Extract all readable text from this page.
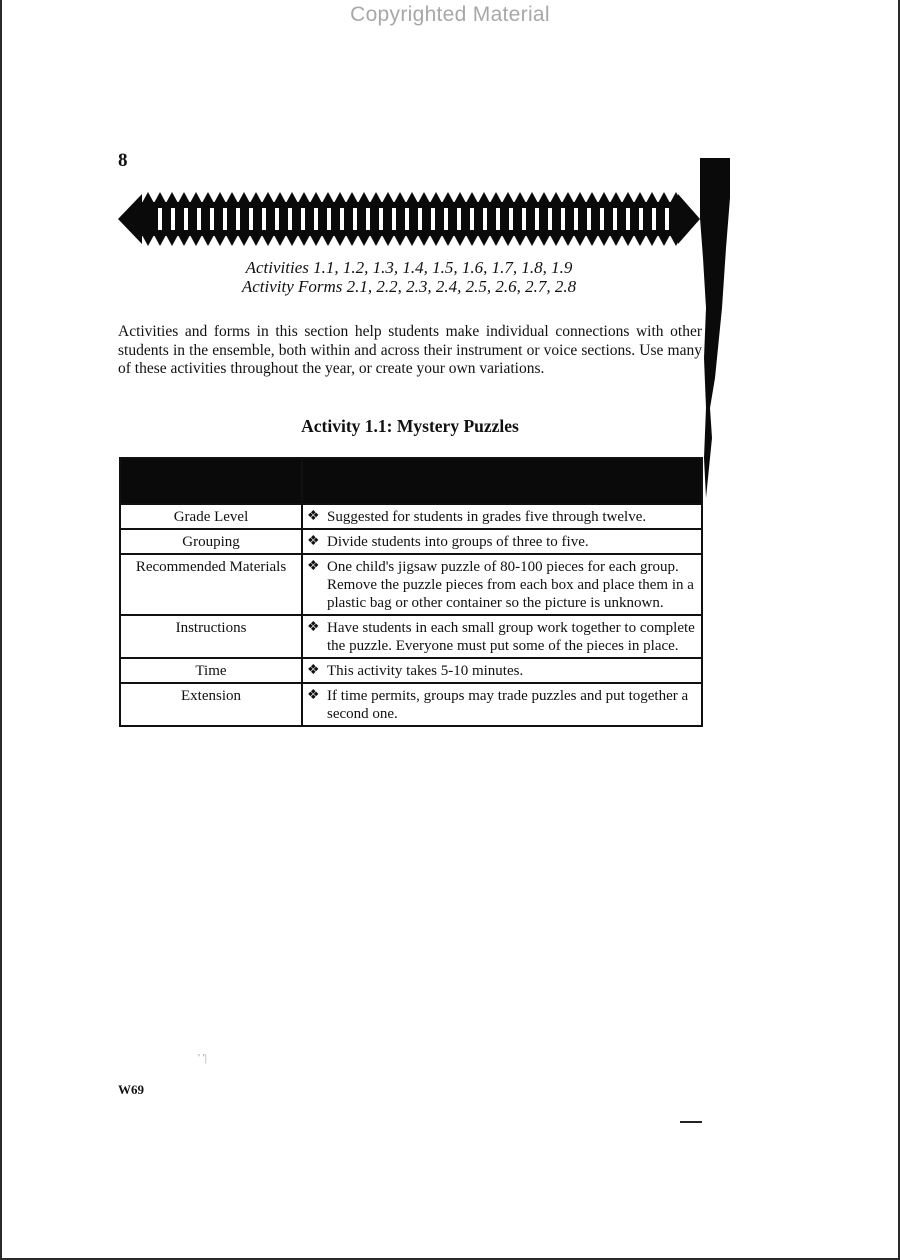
Copyrighted Material
8
Activities 1.1, 1.2, 1.3, 1.4, 1.5, 1.6, 1.7, 1.8, 1.9
Activity Forms 2.1, 2.2, 2.3, 2.4, 2.5, 2.6, 2.7, 2.8
Activities and forms in this section help students make individual connections with other students in the ensemble, both within and across their instrument or voice sections. Use many of these activities throughout the year, or create your own variations.
Activity 1.1: Mystery Puzzles

Grade Level	❖ Suggested for students in grades five through twelve.

Grouping	❖ Divide students into groups of three to five.

Recommended Materials	❖ One child's jigsaw puzzle of 80-100 pieces for each group. Remove the puzzle pieces from each box and place them in a plastic bag or other container so the picture is unknown.

Instructions	❖ Have students in each small group work together to complete the puzzle. Everyone must put some of the pieces in place.

Time	❖ This activity takes 5-10 minutes.

Extension	❖ If time permits, groups may trade puzzles and put together a second one.
' '|
W69
